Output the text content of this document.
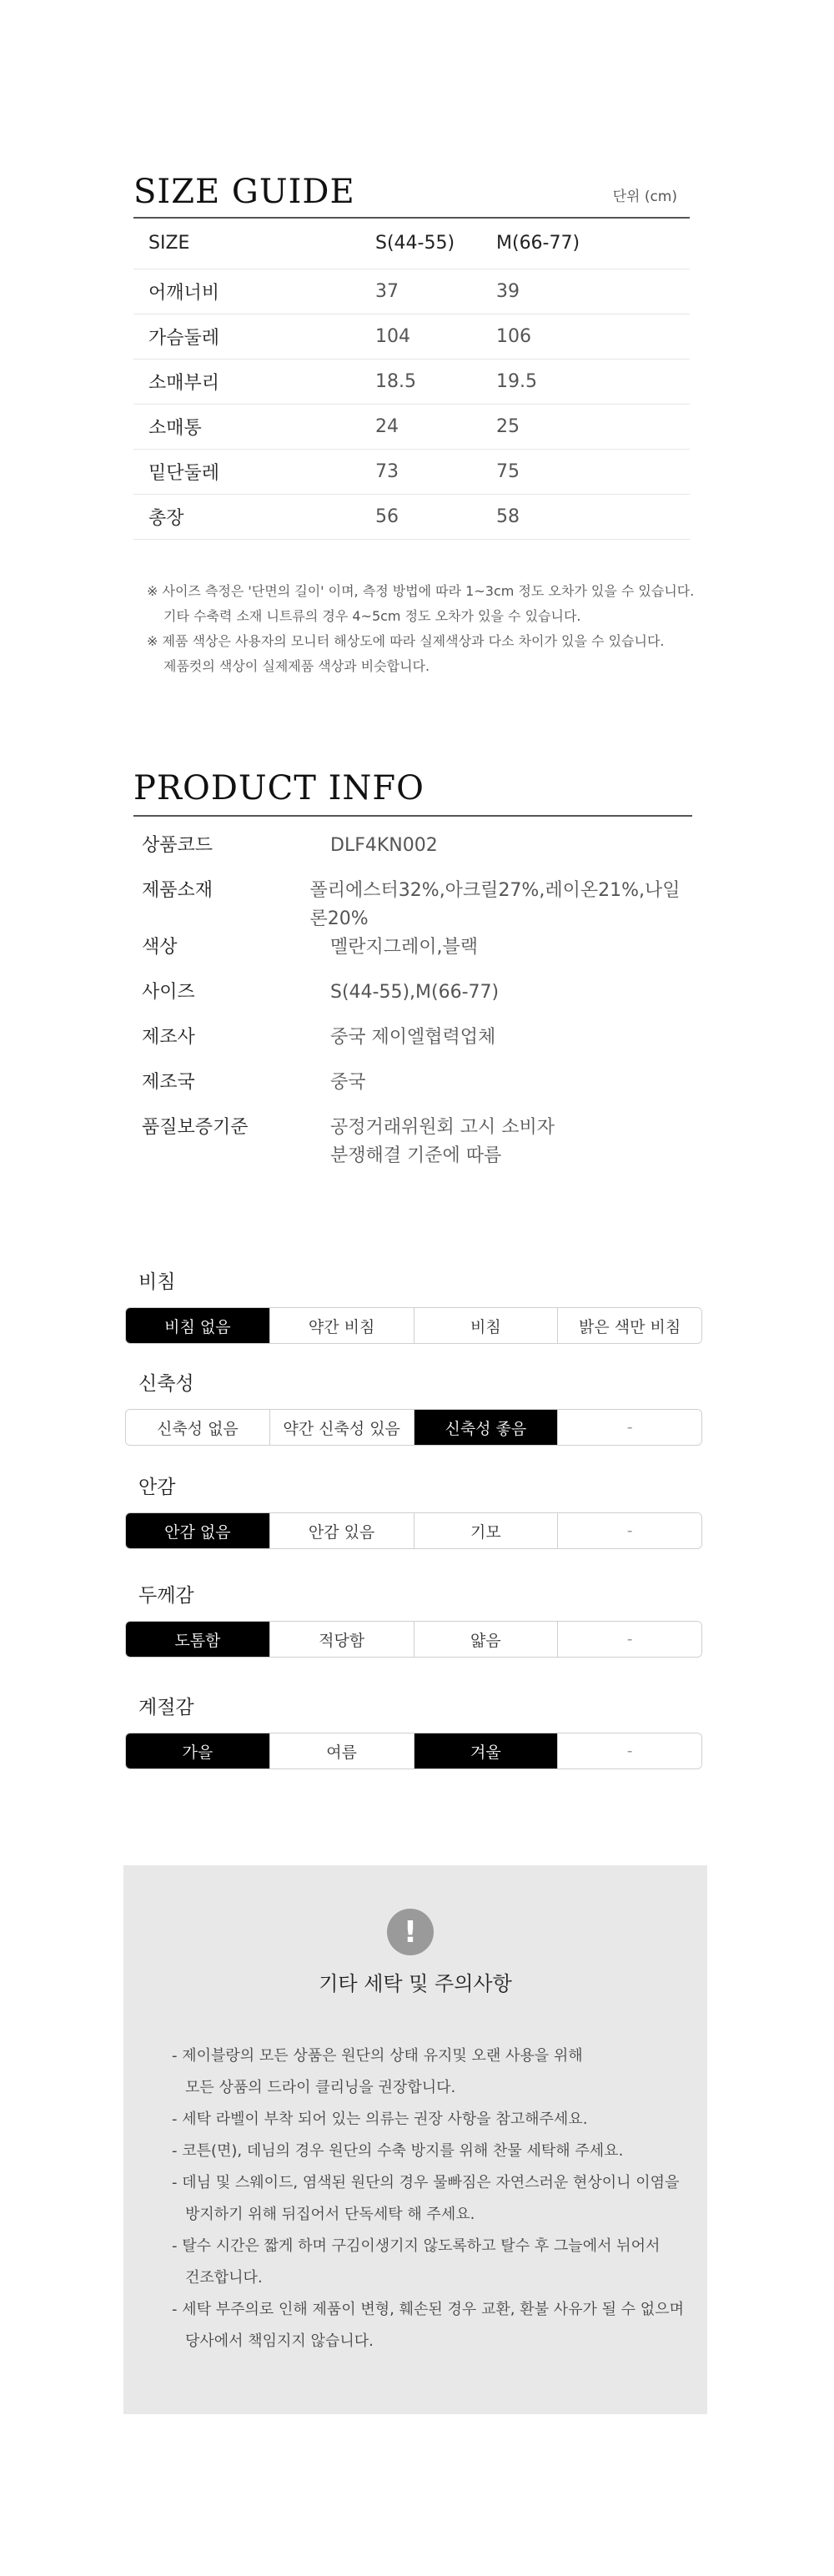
SIZE GUIDE	단위 (cm)
SIZE	S(44-55)	M(66-77)
어깨너비	37	39
가슴둘레	104	106
소매부리	18.5	19.5
소매통	24	25
밑단둘레	73	75
총장	56	58
※ 사이즈 측정은 '단면의 길이' 이며, 측정 방법에 따라 1~3cm 정도 오차가 있을 수 있습니다.
기타 수축력 소재 니트류의 경우 4~5cm 정도 오차가 있을 수 있습니다.
※ 제품 색상은 사용자의 모니터 해상도에 따라 실제색상과 다소 차이가 있을 수 있습니다.
제품컷의 색상이 실제제품 색상과 비슷합니다.
PRODUCT INFO
상품코드	DLF4KN002
제품소재	폴리에스터32%,아크릴27%,레이온21%,나일론20%
색상	멜란지그레이,블랙
사이즈	S(44-55),M(66-77)
제조사	중국 제이엘협력업체
제조국	중국
품질보증기준	공정거래위원회 고시 소비자
분쟁해결 기준에 따름
비침
비침 없음	약간 비침	비침	밝은 색만 비침
신축성
신축성 없음	약간 신축성 있음	신축성 좋음	-
안감
안감 없음	안감 있음	기모	-
두께감
도톰함	적당함	얇음	-
계절감
가을	여름	겨울	-
!
기타 세탁 및 주의사항
- 제이블랑의 모든 상품은 원단의 상태 유지및 오랜 사용을 위해
모든 상품의 드라이 클리닝을 권장합니다.
- 세탁 라벨이 부착 되어 있는 의류는 권장 사항을 참고해주세요.
- 코튼(면), 데님의 경우 원단의 수축 방지를 위해 찬물 세탁해 주세요.
- 데님 및 스웨이드, 염색된 원단의 경우 물빠짐은 자연스러운 현상이니 이염을
방지하기 위해 뒤집어서 단독세탁 해 주세요.
- 탈수 시간은 짧게 하며 구김이생기지 않도록하고 탈수 후 그늘에서 뉘어서
건조합니다.
- 세탁 부주의로 인해 제품이 변형, 훼손된 경우 교환, 환불 사유가 될 수 없으며
당사에서 책임지지 않습니다.
